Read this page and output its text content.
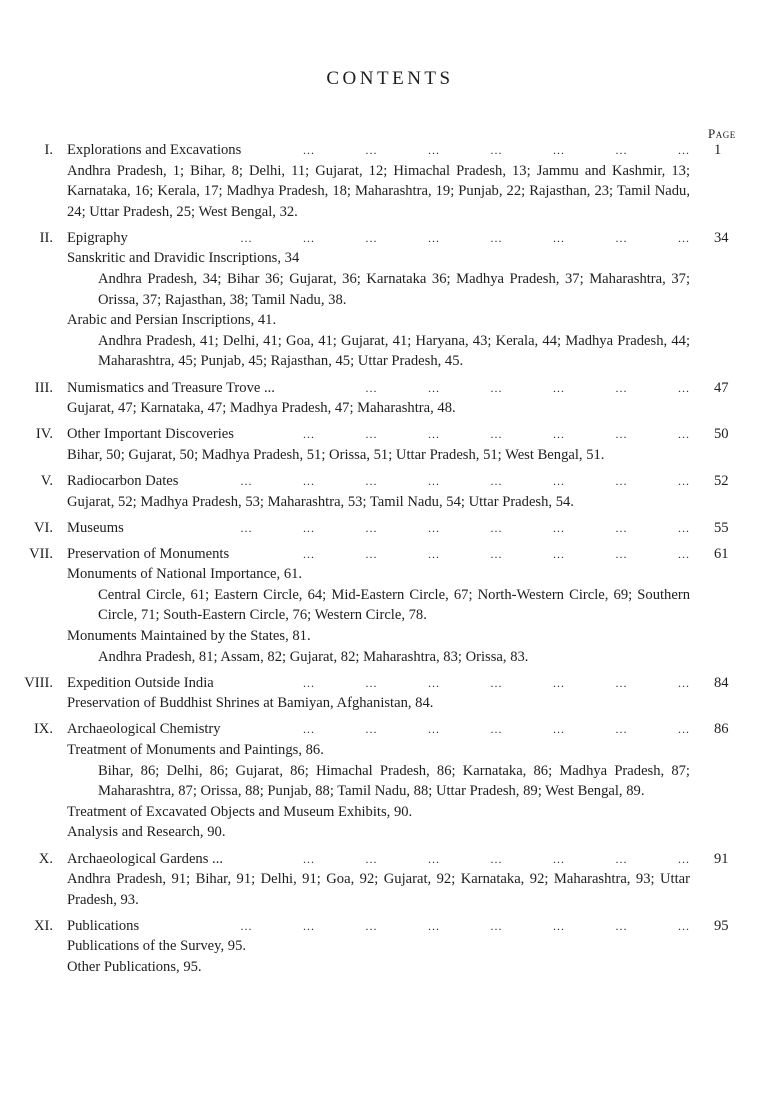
CONTENTS
Page
I. Explorations and Excavations	...	...	...	...	...	...	... 1
Andhra Pradesh, 1; Bihar, 8; Delhi, 11; Gujarat, 12; Himachal Pradesh, 13; Jammu and Kashmir, 13; Karnataka, 16; Kerala, 17; Madhya Pradesh, 18; Maharashtra, 19; Punjab, 22; Rajasthan, 23; Tamil Nadu, 24; Uttar Pradesh, 25; West Bengal, 32.
II. Epigraphy	...	...	...	...	...	...	...	... 34
Sanskritic and Dravidic Inscriptions, 34
Andhra Pradesh, 34; Bihar 36; Gujarat, 36; Karnataka 36; Madhya Pradesh, 37; Maharashtra, 37; Orissa, 37; Rajasthan, 38; Tamil Nadu, 38.
Arabic and Persian Inscriptions, 41.
Andhra Pradesh, 41; Delhi, 41; Goa, 41; Gujarat, 41; Haryana, 43; Kerala, 44; Madhya Pradesh, 44; Maharashtra, 45; Punjab, 45; Rajasthan, 45; Uttar Pradesh, 45.
III. Numismatics and Treasure Trove ...	...	...	...	...	...	... 47
Gujarat, 47; Karnataka, 47; Madhya Pradesh, 47; Maharashtra, 48.
IV. Other Important Discoveries	...	...	...	...	...	...	... 50
Bihar, 50; Gujarat, 50; Madhya Pradesh, 51; Orissa, 51; Uttar Pradesh, 51; West Bengal, 51.
V. Radiocarbon Dates	...	...	...	...	...	...	...	... 52
Gujarat, 52; Madhya Pradesh, 53; Maharashtra, 53; Tamil Nadu, 54; Uttar Pradesh, 54.
VI. Museums	...	...	...	...	...	...	...	... 55
VII. Preservation of Monuments	...	...	...	...	...	...	... 61
Monuments of National Importance, 61.
Central Circle, 61; Eastern Circle, 64; Mid-Eastern Circle, 67; North-Western Circle, 69; Southern Circle, 71; South-Eastern Circle, 76; Western Circle, 78.
Monuments Maintained by the States, 81.
Andhra Pradesh, 81; Assam, 82; Gujarat, 82; Maharashtra, 83; Orissa, 83.
VIII. Expedition Outside India	...	...	...	...	...	...	... 84
Preservation of Buddhist Shrines at Bamiyan, Afghanistan, 84.
IX. Archaeological Chemistry	...	...	...	...	...	...	... 86
Treatment of Monuments and Paintings, 86.
Bihar, 86; Delhi, 86; Gujarat, 86; Himachal Pradesh, 86; Karnataka, 86; Madhya Pradesh, 87; Maharashtra, 87; Orissa, 88; Punjab, 88; Tamil Nadu, 88; Uttar Pradesh, 89; West Bengal, 89.
Treatment of Excavated Objects and Museum Exhibits, 90.
Analysis and Research, 90.
X. Archaeological Gardens ...	...	...	...	...	...	...	... 91
Andhra Pradesh, 91; Bihar, 91; Delhi, 91; Goa, 92; Gujarat, 92; Karnataka, 92; Maharashtra, 93; Uttar Pradesh, 93.
XI. Publications	...	...	...	...	...	...	...	... 95
Publications of the Survey, 95.
Other Publications, 95.
